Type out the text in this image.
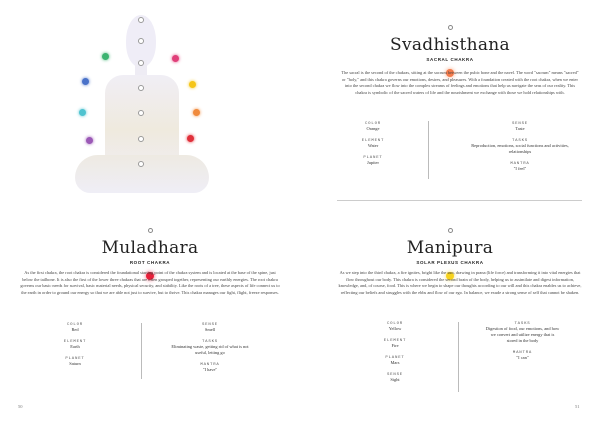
Muladhara
ROOT CHAKRA
As the first chakra, the root chakra is considered the foundational starting point of the chakra system and is located at the base of the spine, just below the tailbone. It is also the first of the lower three chakras that are often grouped together, representing our earthly energies. The root chakra governs our basic needs for survival, basic material needs, physical security, and stability. Like the roots of a tree, these aspects of life connect us to the earth in order to ground our energy so that we are able not just to survive, but to thrive. This chakra manages our fight, flight, freeze responses.
COLOR
Red
ELEMENT
Earth
PLANET
Saturn
SENSE
Smell
TASKS
Eliminating waste, getting rid of what is not useful, letting go
MANTRA
"I have"
50
Svadhisthana
SACRAL CHAKRA
The sacral is the second of the chakras, sitting at the sacrum between the pubic bone and the navel. The word "sacrum" means "sacred" or "holy," and this chakra governs our emotions, desires, and pleasures. With a foundation created with the root chakra, when we enter into the second chakra we flow into the complex streams of feelings and emotions that help us navigate the seas of our reality. This chakra is symbolic of the sacred waters of life and the nourishment we exchange with those we hold relationships with.
COLOR
Orange
ELEMENT
Water
PLANET
Jupiter
SENSE
Taste
TASKS
Reproduction, emotions, social functions and activities, relationships
MANTRA
"I feel"
Manipura
SOLAR PLEXUS CHAKRA
As we step into the third chakra, a fire ignites, bright like the sun, drawing in prana (life force) and transforming it into vital energies that flow throughout our body. This chakra is considered the second brain of the body, helping us to assimilate and digest information, knowledge, and, of course, food. This is where we begin to shape our thoughts according to our will and this chakra enables us to achieve, reflecting our beliefs and struggles with the ebbs and flow of our ego. In balance, we exude a strong sense of self that cannot be shaken.
COLOR
Yellow
ELEMENT
Fire
PLANET
Mars
SENSE
Sight
TASKS
Digestion of food, our emotions, and how we convert and utilize energy that is stored in the body
MANTRA
"I can"
51
